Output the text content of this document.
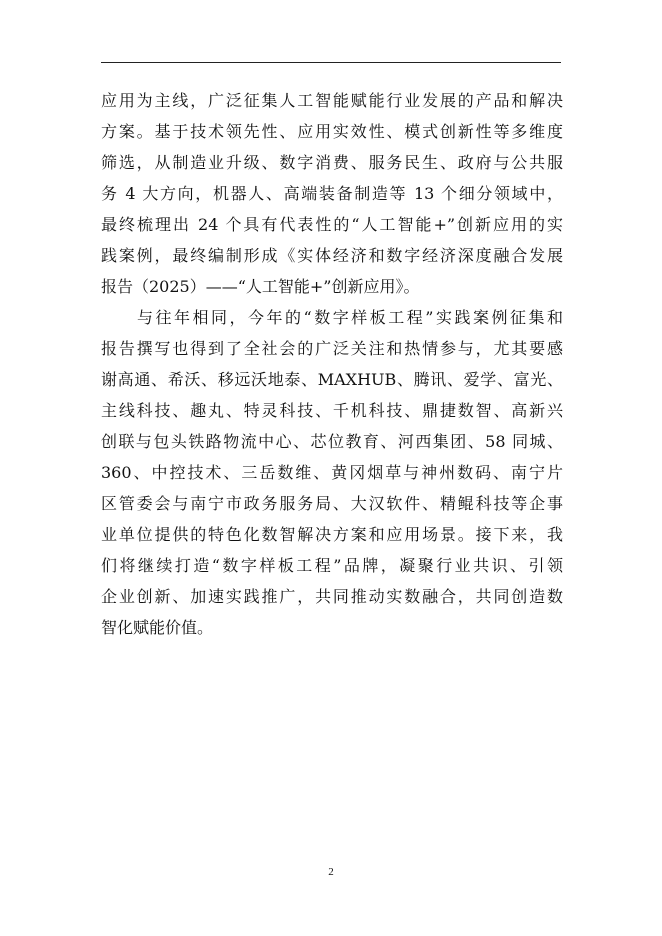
应用为主线，广泛征集人工智能赋能行业发展的产品和解决
方案。基于技术领先性、应用实效性、模式创新性等多维度
筛选，从制造业升级、数字消费、服务民生、政府与公共服
务 4 大方向，机器人、高端装备制造等 13 个细分领域中，
最终梳理出 24 个具有代表性的“人工智能+”创新应用的实
践案例，最终编制形成《实体经济和数字经济深度融合发展
报告（2025）——“人工智能+”创新应用》。
与往年相同，今年的“数字样板工程”实践案例征集和
报告撰写也得到了全社会的广泛关注和热情参与，尤其要感
谢高通、希沃、移远沃地泰、MAXHUB、腾讯、爱学、富光、
主线科技、趣丸、特灵科技、千机科技、鼎捷数智、高新兴
创联与包头铁路物流中心、芯位教育、河西集团、58 同城、
360、中控技术、三岳数维、黄冈烟草与神州数码、南宁片
区管委会与南宁市政务服务局、大汉软件、精鲲科技等企事
业单位提供的特色化数智解决方案和应用场景。接下来，我
们将继续打造“数字样板工程”品牌，凝聚行业共识、引领
企业创新、加速实践推广，共同推动实数融合，共同创造数
智化赋能价值。
2
